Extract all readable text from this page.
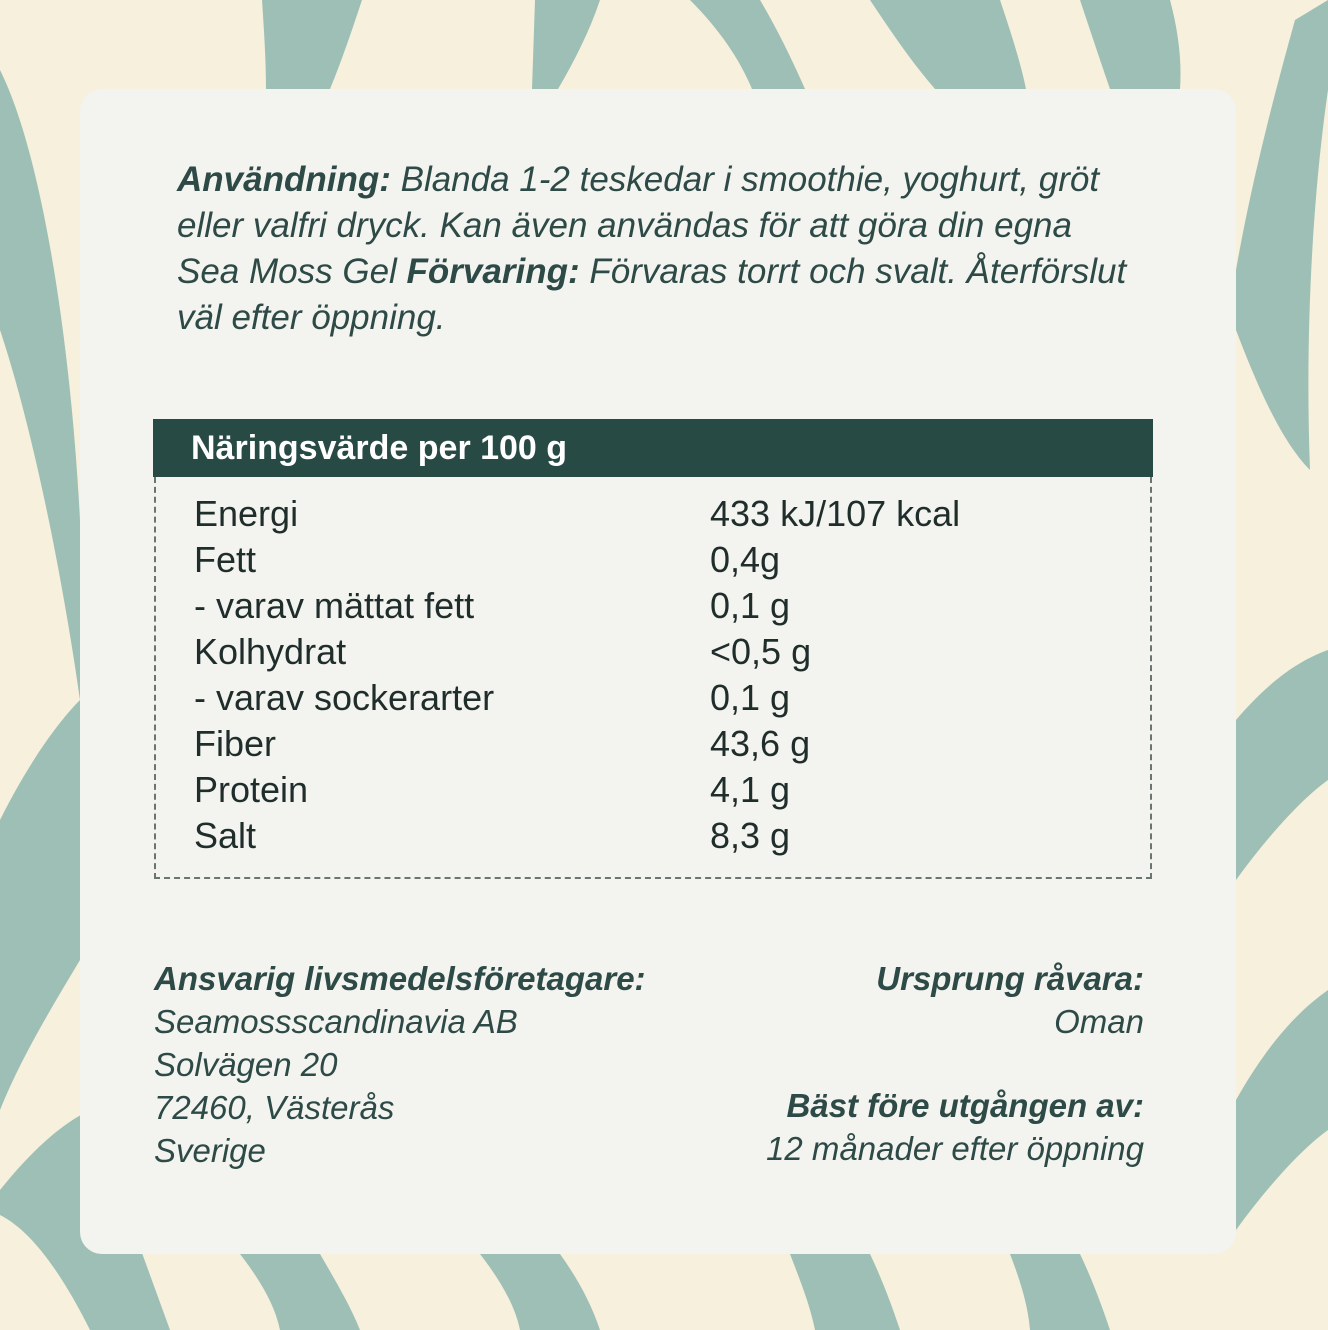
Användning: Blanda 1-2 teskedar i smoothie, yoghurt, gröt eller valfri dryck. Kan även användas för att göra din egna Sea Moss Gel Förvaring: Förvaras torrt och svalt. Återförslut väl efter öppning.
Näringsvärde per 100 g
Energi	433 kJ/107 kcal
Fett	0,4g
- varav mättat fett	0,1 g
Kolhydrat	<0,5 g
- varav sockerarter	0,1 g
Fiber	43,6 g
Protein	4,1 g
Salt	8,3 g
Ansvarig livsmedelsföretagare:
Seamossscandinavia AB
Solvägen 20
72460, Västerås
Sverige
Ursprung råvara:
Oman
Bäst före utgången av:
12 månader efter öppning
